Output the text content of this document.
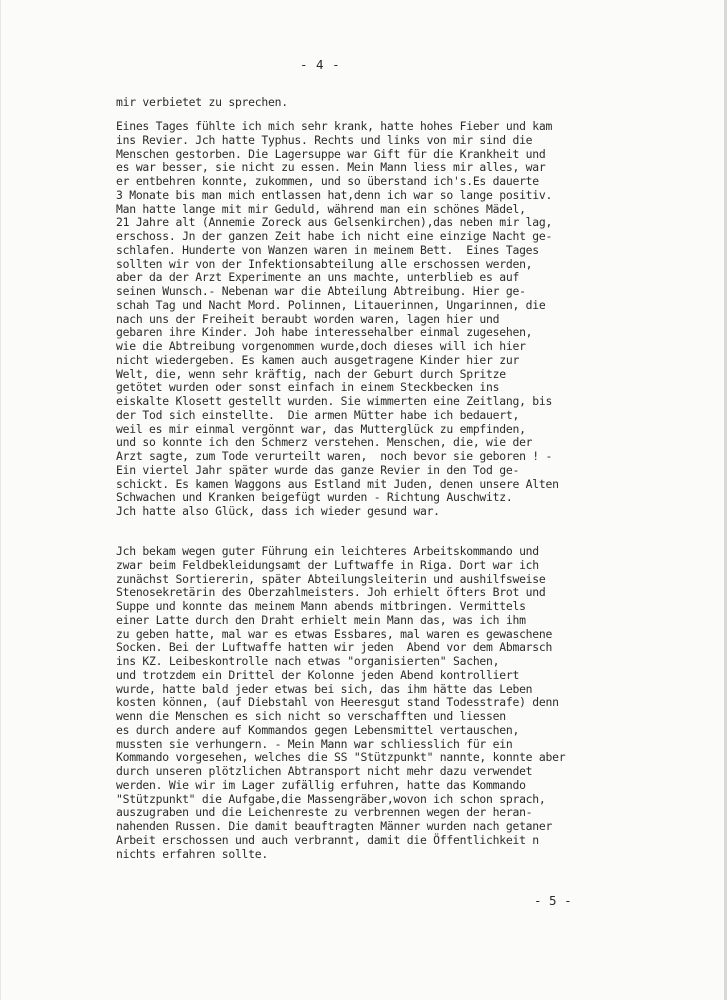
- 4 -
mir verbietet zu sprechen.
Eines Tages fühlte ich mich sehr krank, hatte hohes Fieber und kam
ins Revier. Jch hatte Typhus. Rechts und links von mir sind die
Menschen gestorben. Die Lagersuppe war Gift für die Krankheit und
es war besser, sie nicht zu essen. Mein Mann liess mir alles, war
er entbehren konnte, zukommen, und so überstand ich's.Es dauerte
3 Monate bis man mich entlassen hat,denn ich war so lange positiv.
Man hatte lange mit mir Geduld, während man ein schönes Mädel,
21 Jahre alt (Annemie Zoreck aus Gelsenkirchen),das neben mir lag,
erschoss. Jn der ganzen Zeit habe ich nicht eine einzige Nacht ge-
schlafen. Hunderte von Wanzen waren in meinem Bett.  Eines Tages
sollten wir von der Infektionsabteilung alle erschossen werden,
aber da der Arzt Experimente an uns machte, unterblieb es auf
seinen Wunsch.- Nebenan war die Abteilung Abtreibung. Hier ge-
schah Tag und Nacht Mord. Polinnen, Litauerinnen, Ungarinnen, die
nach uns der Freiheit beraubt worden waren, lagen hier und
gebaren ihre Kinder. Joh habe interessehalber einmal zugesehen,
wie die Abtreibung vorgenommen wurde,doch dieses will ich hier
nicht wiedergeben. Es kamen auch ausgetragene Kinder hier zur
Welt, die, wenn sehr kräftig, nach der Geburt durch Spritze
getötet wurden oder sonst einfach in einem Steckbecken ins
eiskalte Klosett gestellt wurden. Sie wimmerten eine Zeitlang, bis
der Tod sich einstellte.  Die armen Mütter habe ich bedauert,
weil es mir einmal vergönnt war, das Mutterglück zu empfinden,
und so konnte ich den Schmerz verstehen. Menschen, die, wie der
Arzt sagte, zum Tode verurteilt waren,  noch bevor sie geboren ! -
Ein viertel Jahr später wurde das ganze Revier in den Tod ge-
schickt. Es kamen Waggons aus Estland mit Juden, denen unsere Alten
Schwachen und Kranken beigefügt wurden - Richtung Auschwitz.
Jch hatte also Glück, dass ich wieder gesund war.
Jch bekam wegen guter Führung ein leichteres Arbeitskommando und
zwar beim Feldbekleidungsamt der Luftwaffe in Riga. Dort war ich
zunächst Sortiererin, später Abteilungsleiterin und aushilfsweise
Stenosekretärin des Oberzahlmeisters. Joh erhielt öfters Brot und
Suppe und konnte das meinem Mann abends mitbringen. Vermittels
einer Latte durch den Draht erhielt mein Mann das, was ich ihm
zu geben hatte, mal war es etwas Essbares, mal waren es gewaschene
Socken. Bei der Luftwaffe hatten wir jeden  Abend vor dem Abmarsch
ins KZ. Leibeskontrolle nach etwas "organisierten" Sachen,
und trotzdem ein Drittel der Kolonne jeden Abend kontrolliert
wurde, hatte bald jeder etwas bei sich, das ihm hätte das Leben
kosten können, (auf Diebstahl von Heeresgut stand Todesstrafe) denn
wenn die Menschen es sich nicht so verschafften und liessen
es durch andere auf Kommandos gegen Lebensmittel vertauschen,
mussten sie verhungern. - Mein Mann war schliesslich für ein
Kommando vorgesehen, welches die SS "Stützpunkt" nannte, konnte aber
durch unseren plötzlichen Abtransport nicht mehr dazu verwendet
werden. Wie wir im Lager zufällig erfuhren, hatte das Kommando
"Stützpunkt" die Aufgabe,die Massengräber,wovon ich schon sprach,
auszugraben und die Leichenreste zu verbrennen wegen der heran-
nahenden Russen. Die damit beauftragten Männer wurden nach getaner
Arbeit erschossen und auch verbrannt, damit die Öffentlichkeit n
nichts erfahren sollte.
- 5 -
